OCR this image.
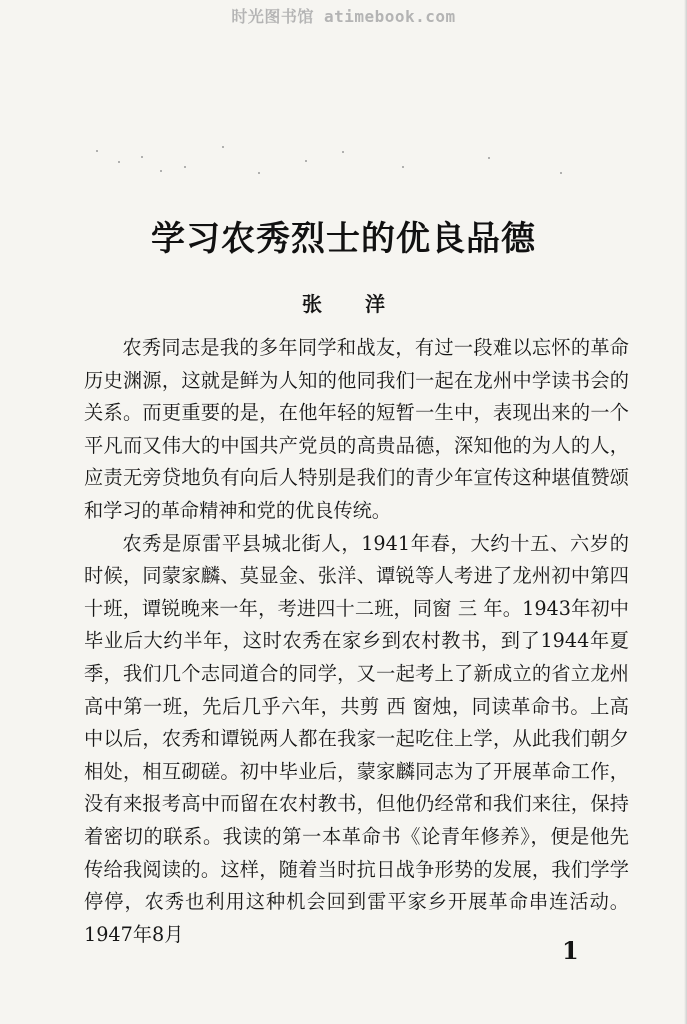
时光图书馆 atimebook.com
学习农秀烈士的优良品德
张 洋

农秀同志是我的多年同学和战友，有过一段难以忘怀的革命历史渊源，这就是鲜为人知的他同我们一起在龙州中学读书会的关系。而更重要的是，在他年轻的短暂一生中，表现出来的一个平凡而又伟大的中国共产党员的高贵品德，深知他的为人的人，应责无旁贷地负有向后人特别是我们的青少年宣传这种堪值赞颂和学习的革命精神和党的优良传统。

农秀是原雷平县城北街人，1941年春，大约十五、六岁的时候，同蒙家麟、莫显金、张洋、谭锐等人考进了龙州初中第四十班，谭锐晚来一年，考进四十二班，同窗 三 年。1943年初中毕业后大约半年，这时农秀在家乡到农村教书，到了1944年夏季，我们几个志同道合的同学，又一起考上了新成立的省立龙州高中第一班，先后几乎六年，共剪 西 窗烛，同读革命书。上高中以后，农秀和谭锐两人都在我家一起吃住上学，从此我们朝夕相处，相互砌磋。初中毕业后，蒙家麟同志为了开展革命工作，没有来报考高中而留在农村教书，但他仍经常和我们来往，保持着密切的联系。我读的第一本革命书《论青年修养》，便是他先传给我阅读的。这样，随着当时抗日战争形势的发展，我们学学停停，农秀也利用这种机会回到雷平家乡开展革命串连活动。1947年8月

1
